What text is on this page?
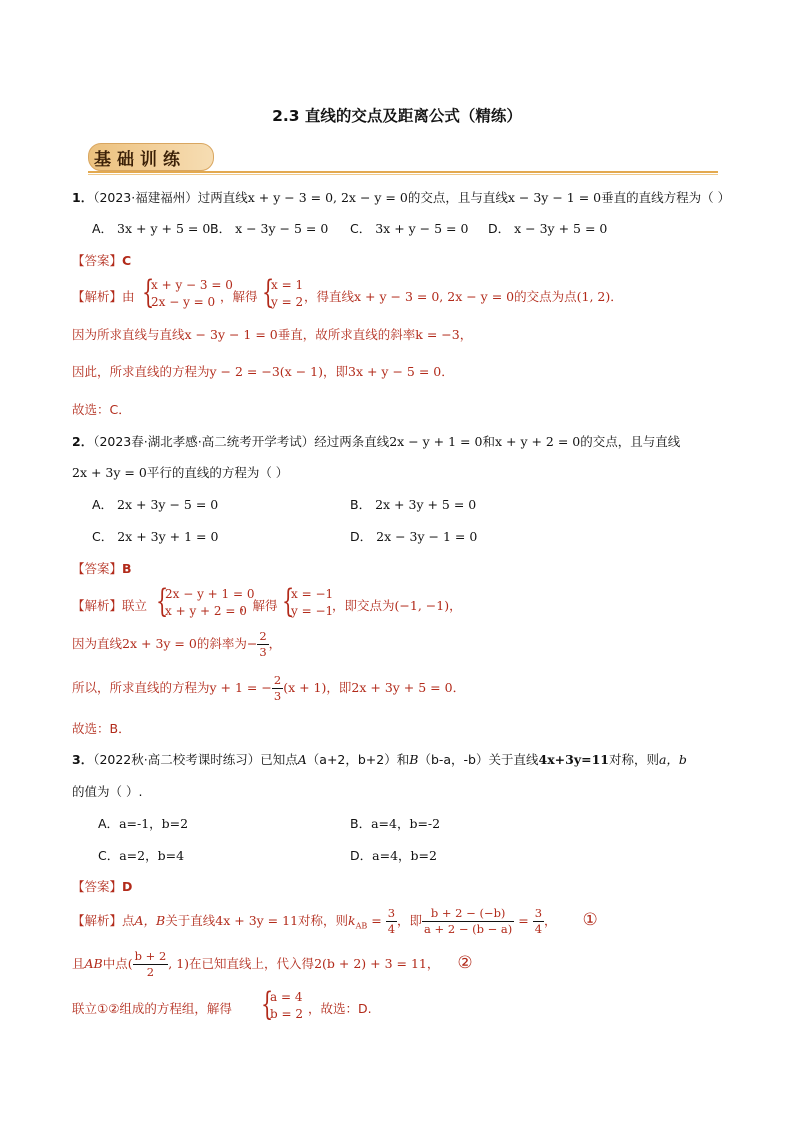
2.3 直线的交点及距离公式（精练）
基础训练
1．（2023·福建福州）过两直线x + y − 3 = 0, 2x − y = 0的交点，且与直线x − 3y − 1 = 0垂直的直线方程为（ ）
A． 3x + y + 5 = 0 B． x − 3y − 5 = 0 C． 3x + y − 5 = 0 D． x − 3y + 5 = 0
【答案】C
【解析】由 {
x + y − 3 = 0
2x − y = 0 ，解得 {
x = 1
y = 2 ，得直线x + y − 3 = 0, 2x − y = 0的交点为点(1, 2)．
因为所求直线与直线x − 3y − 1 = 0垂直，故所求直线的斜率k = −3，
因此，所求直线的方程为y − 2 = −3(x − 1)，即3x + y − 5 = 0．
故选：C．
2．（2023春·湖北孝感·高二统考开学考试）经过两条直线2x − y + 1 = 0和x + y + 2 = 0的交点，且与直线
2x + 3y = 0平行的直线的方程为（ ）
A． 2x + 3y − 5 = 0	B． 2x + 3y + 5 = 0
C． 2x + 3y + 1 = 0	D． 2x − 3y − 1 = 0
【答案】B
【解析】联立 {
2x − y + 1 = 0
x + y + 2 = 0
，解得 {
x = −1
y = −1
，即交点为(−1, −1)，
因为直线2x + 3y = 0的斜率为− $\frac{2}{3}$ ，
所以，所求直线的方程为y + 1 = − $\frac{2}{3} (x + 1)$，即2x + 3y + 5 = 0．
故选：B．
3．（2022秋·高二校考课时练习）已知点A（a+2，b+2）和B（b-a，-b）关于直线4x+3y=11对称，则a，b
的值为（ ）.
A．a=-1，b=2	B．a=4，b=-2
C．a=2，b=4	D．a=4，b=2
【答案】D
【解析】点A，B关于直线4x + 3y = 11对称，则$k_{AB} = \frac{3}{4}$ ，即 $\frac{b + 2 - (-b)}{a + 2 - (b - a)} = \frac{3}{4}$ ， ①
且AB中点( $\frac{b + 2}{2}$ , 1)在已知直线上，代入得2(b + 2) + 3 = 11， ②
联立①②组成的方程组，解得 {
a = 4
b = 2 ，故选：D.
